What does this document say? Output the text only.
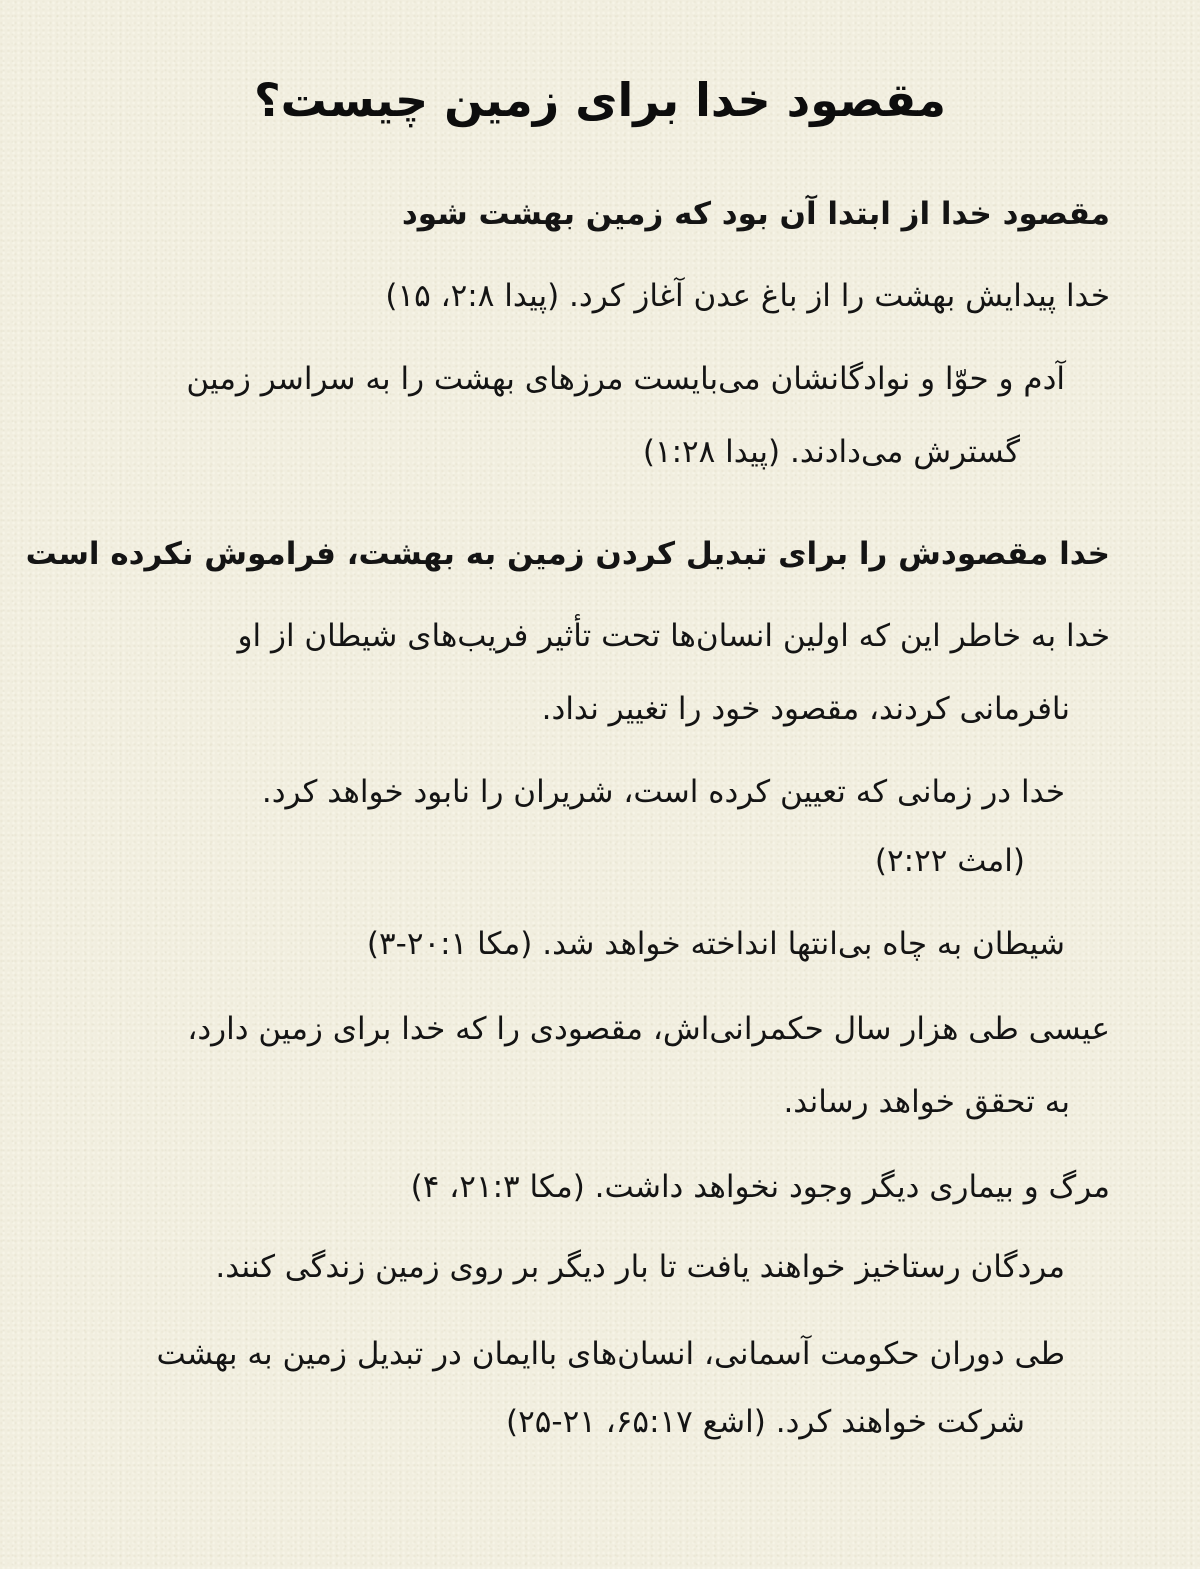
مقصود خدا برای زمین چیست؟
مقصود خدا از ابتدا آن بود که زمین بهشت شود
خدا پیدایش بهشت را از باغ عدن آغاز کرد. (پیدا ۲:۸، ۱۵)
آدم و حوّا و نوادگانشان می‌بایست مرزهای بهشت را به سراسر زمین
گسترش می‌دادند. (پیدا ۱:۲۸)
خدا مقصودش را برای تبدیل کردن زمین به بهشت، فراموش نکرده است
خدا به خاطر این که اولین انسان‌ها تحت تأثیر فریب‌های شیطان از او
نافرمانی کردند، مقصود خود را تغییر نداد.
خدا در زمانی که تعیین کرده است، شریران را نابود خواهد کرد.
(امث ۲:۲۲)
شیطان به چاه بی‌انتها انداخته خواهد شد. (مکا ۲۰:۱-۳)
عیسی طی هزار سال حکمرانی‌اش، مقصودی را که خدا برای زمین دارد،
به تحقق خواهد رساند.
مرگ و بیماری دیگر وجود نخواهد داشت. (مکا ۲۱:۳، ۴)
مردگان رستاخیز خواهند یافت تا بار دیگر بر روی زمین زندگی کنند.
طی دوران حکومت آسمانی، انسان‌های باایمان در تبدیل زمین به بهشت
شرکت خواهند کرد. (اشع ۶۵:۱۷، ۲۱-۲۵)
